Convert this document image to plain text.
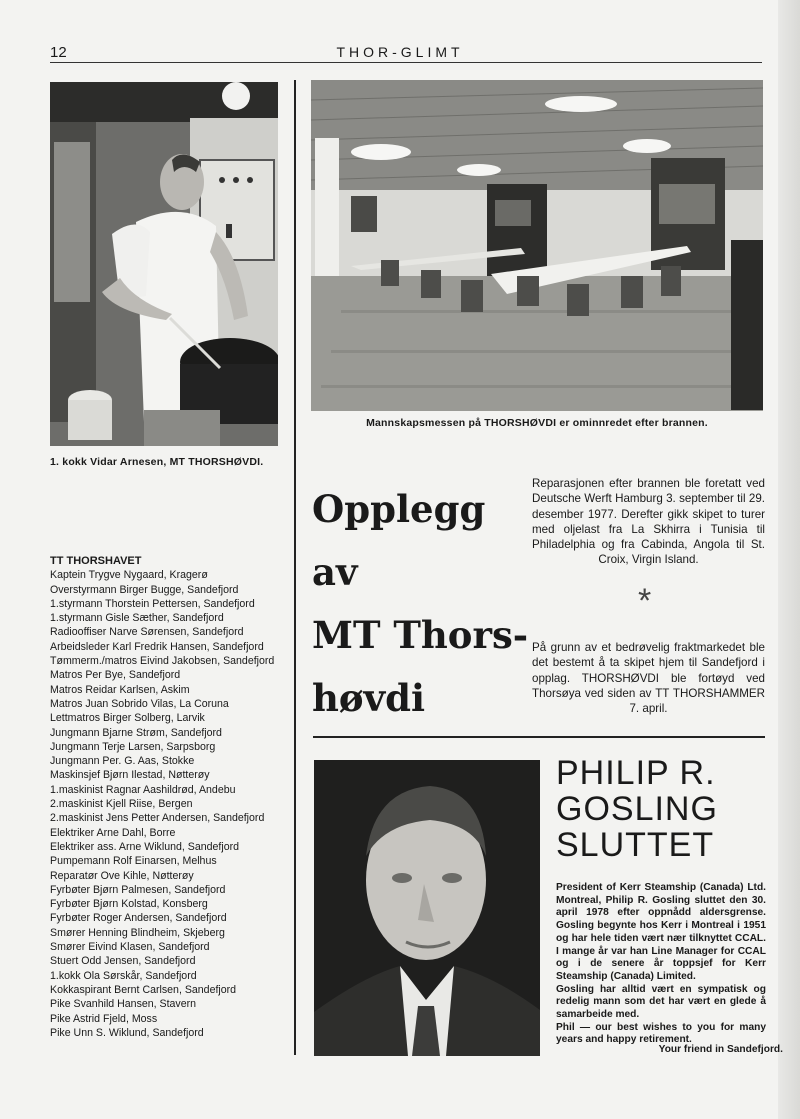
12	THOR-GLIMT
1. kokk Vidar Arnesen, MT THORSHØVDI.
Mannskapsmessen på THORSHØVDI er ominnredet efter brannen.
TT THORSHAVET
Kaptein Trygve Nygaard, Kragerø
Overstyrmann Birger Bugge, Sandefjord
1.styrmann Thorstein Pettersen, Sandefjord
1.styrmann Gisle Sæther, Sandefjord
Radiooffiser Narve Sørensen, Sandefjord
Arbeidsleder Karl Fredrik Hansen, Sandefjord
Tømmerm./matros Eivind Jakobsen, Sandefjord
Matros Per Bye, Sandefjord
Matros Reidar Karlsen, Askim
Matros Juan Sobrido Vilas, La Coruna
Lettmatros Birger Solberg, Larvik
Jungmann Bjarne Strøm, Sandefjord
Jungmann Terje Larsen, Sarpsborg
Jungmann Per. G. Aas, Stokke
Maskinsjef Bjørn Ilestad, Nøtterøy
1.maskinist Ragnar Aashildrød, Andebu
2.maskinist Kjell Riise, Bergen
2.maskinist Jens Petter Andersen, Sandefjord
Elektriker Arne Dahl, Borre
Elektriker ass. Arne Wiklund, Sandefjord
Pumpemann Rolf Einarsen, Melhus
Reparatør Ove Kihle, Nøtterøy
Fyrbøter Bjørn Palmesen, Sandefjord
Fyrbøter Bjørn Kolstad, Konsberg
Fyrbøter Roger Andersen, Sandefjord
Smører Henning Blindheim, Skjeberg
Smører Eivind Klasen, Sandefjord
Stuert Odd Jensen, Sandefjord
1.kokk Ola Sørskår, Sandefjord
Kokkaspirant Bernt Carlsen, Sandefjord
Pike Svanhild Hansen, Stavern
Pike Astrid Fjeld, Moss
Pike Unn S. Wiklund, Sandefjord
Opplegg
av
MT Thors-
høvdi
Reparasjonen efter brannen ble foretatt ved Deutsche Werft Hamburg 3. september til 29. desember 1977. Derefter gikk skipet to turer med oljelast fra La Skhirra i Tunisia til Philadelphia og fra Cabinda, Angola til St. Croix, Virgin Island.
*
På grunn av et bedrøvelig fraktmarkedet ble det bestemt å ta skipet hjem til Sandefjord i opplag. THORSHØVDI ble fortøyd ved Thorsøya ved siden av TT THORSHAMMER 7. april.
PHILIP R.
GOSLING
SLUTTET

President of Kerr Steamship (Canada) Ltd. Montreal, Philip R. Gosling sluttet den 30. april 1978 efter oppnådd aldersgrense. Gosling begynte hos Kerr i Montreal i 1951 og har hele tiden vært nær tilknyttet CCAL. I mange år var han Line Manager for CCAL og i de senere år toppsjef for Kerr Steamship (Canada) Limited.

Gosling har alltid vært en sympatisk og redelig mann som det har vært en glede å samarbeide med.

Phil — our best wishes to you for many years and happy retirement.

Your friend in Sandefjord.
